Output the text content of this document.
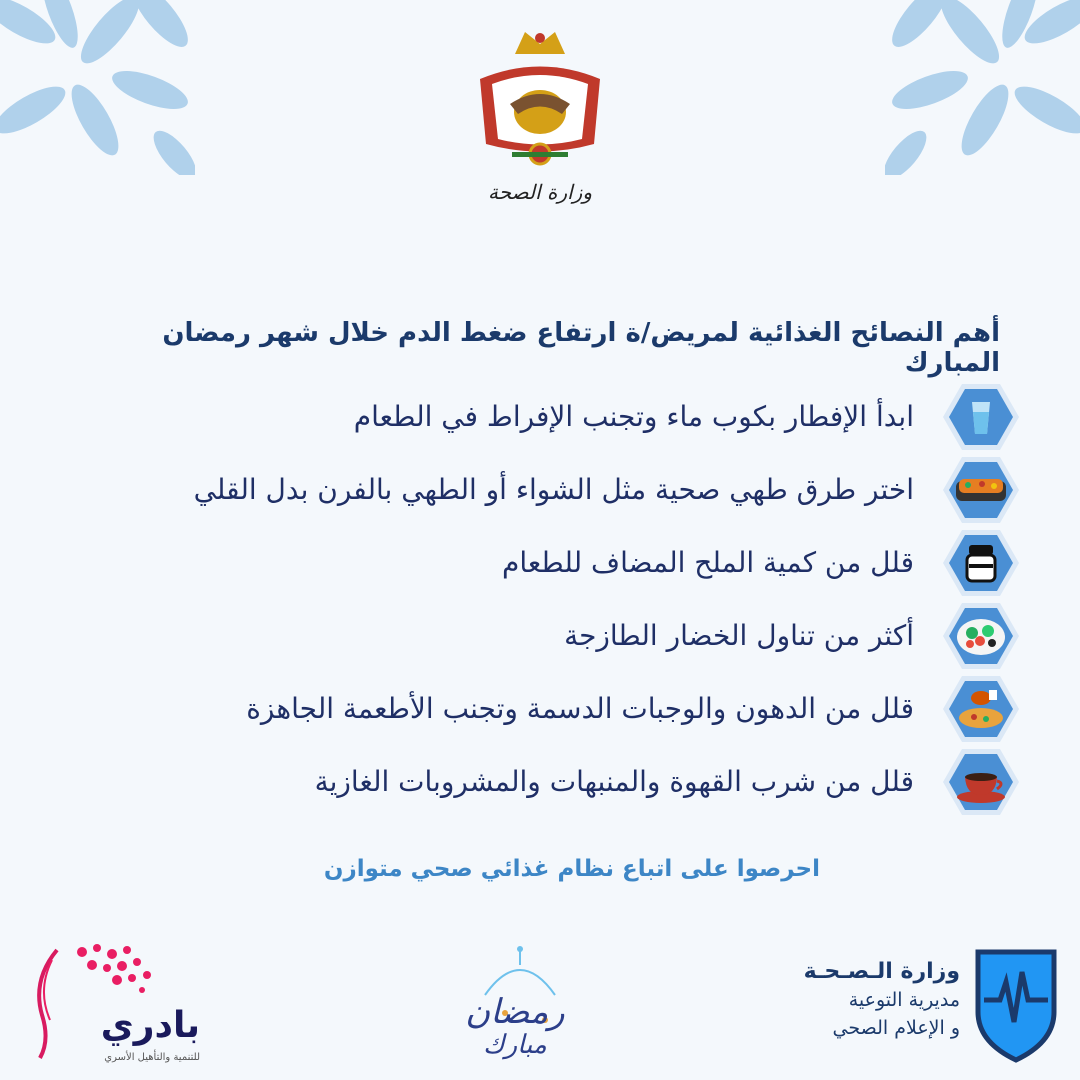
وزارة الصحة
أهم النصائح الغذائية لمريض/ة ارتفاع ضغط الدم خلال شهر رمضان المبارك
ابدأ الإفطار بكوب ماء وتجنب الإفراط في الطعام
اختر طرق طهي صحية مثل الشواء أو الطهي بالفرن بدل القلي
قلل من كمية الملح المضاف للطعام
أكثر من تناول الخضار الطازجة
قلل من الدهون والوجبات الدسمة وتجنب الأطعمة الجاهزة
قلل من شرب القهوة والمنبهات والمشروبات الغازية
احرصوا على اتباع نظام غذائي صحي متوازن
بادري
للتنمية والتأهيل الأسري
رمضان
مبارك
وزارة الـصـحـة
مديرية التوعية
و الإعلام الصحي
